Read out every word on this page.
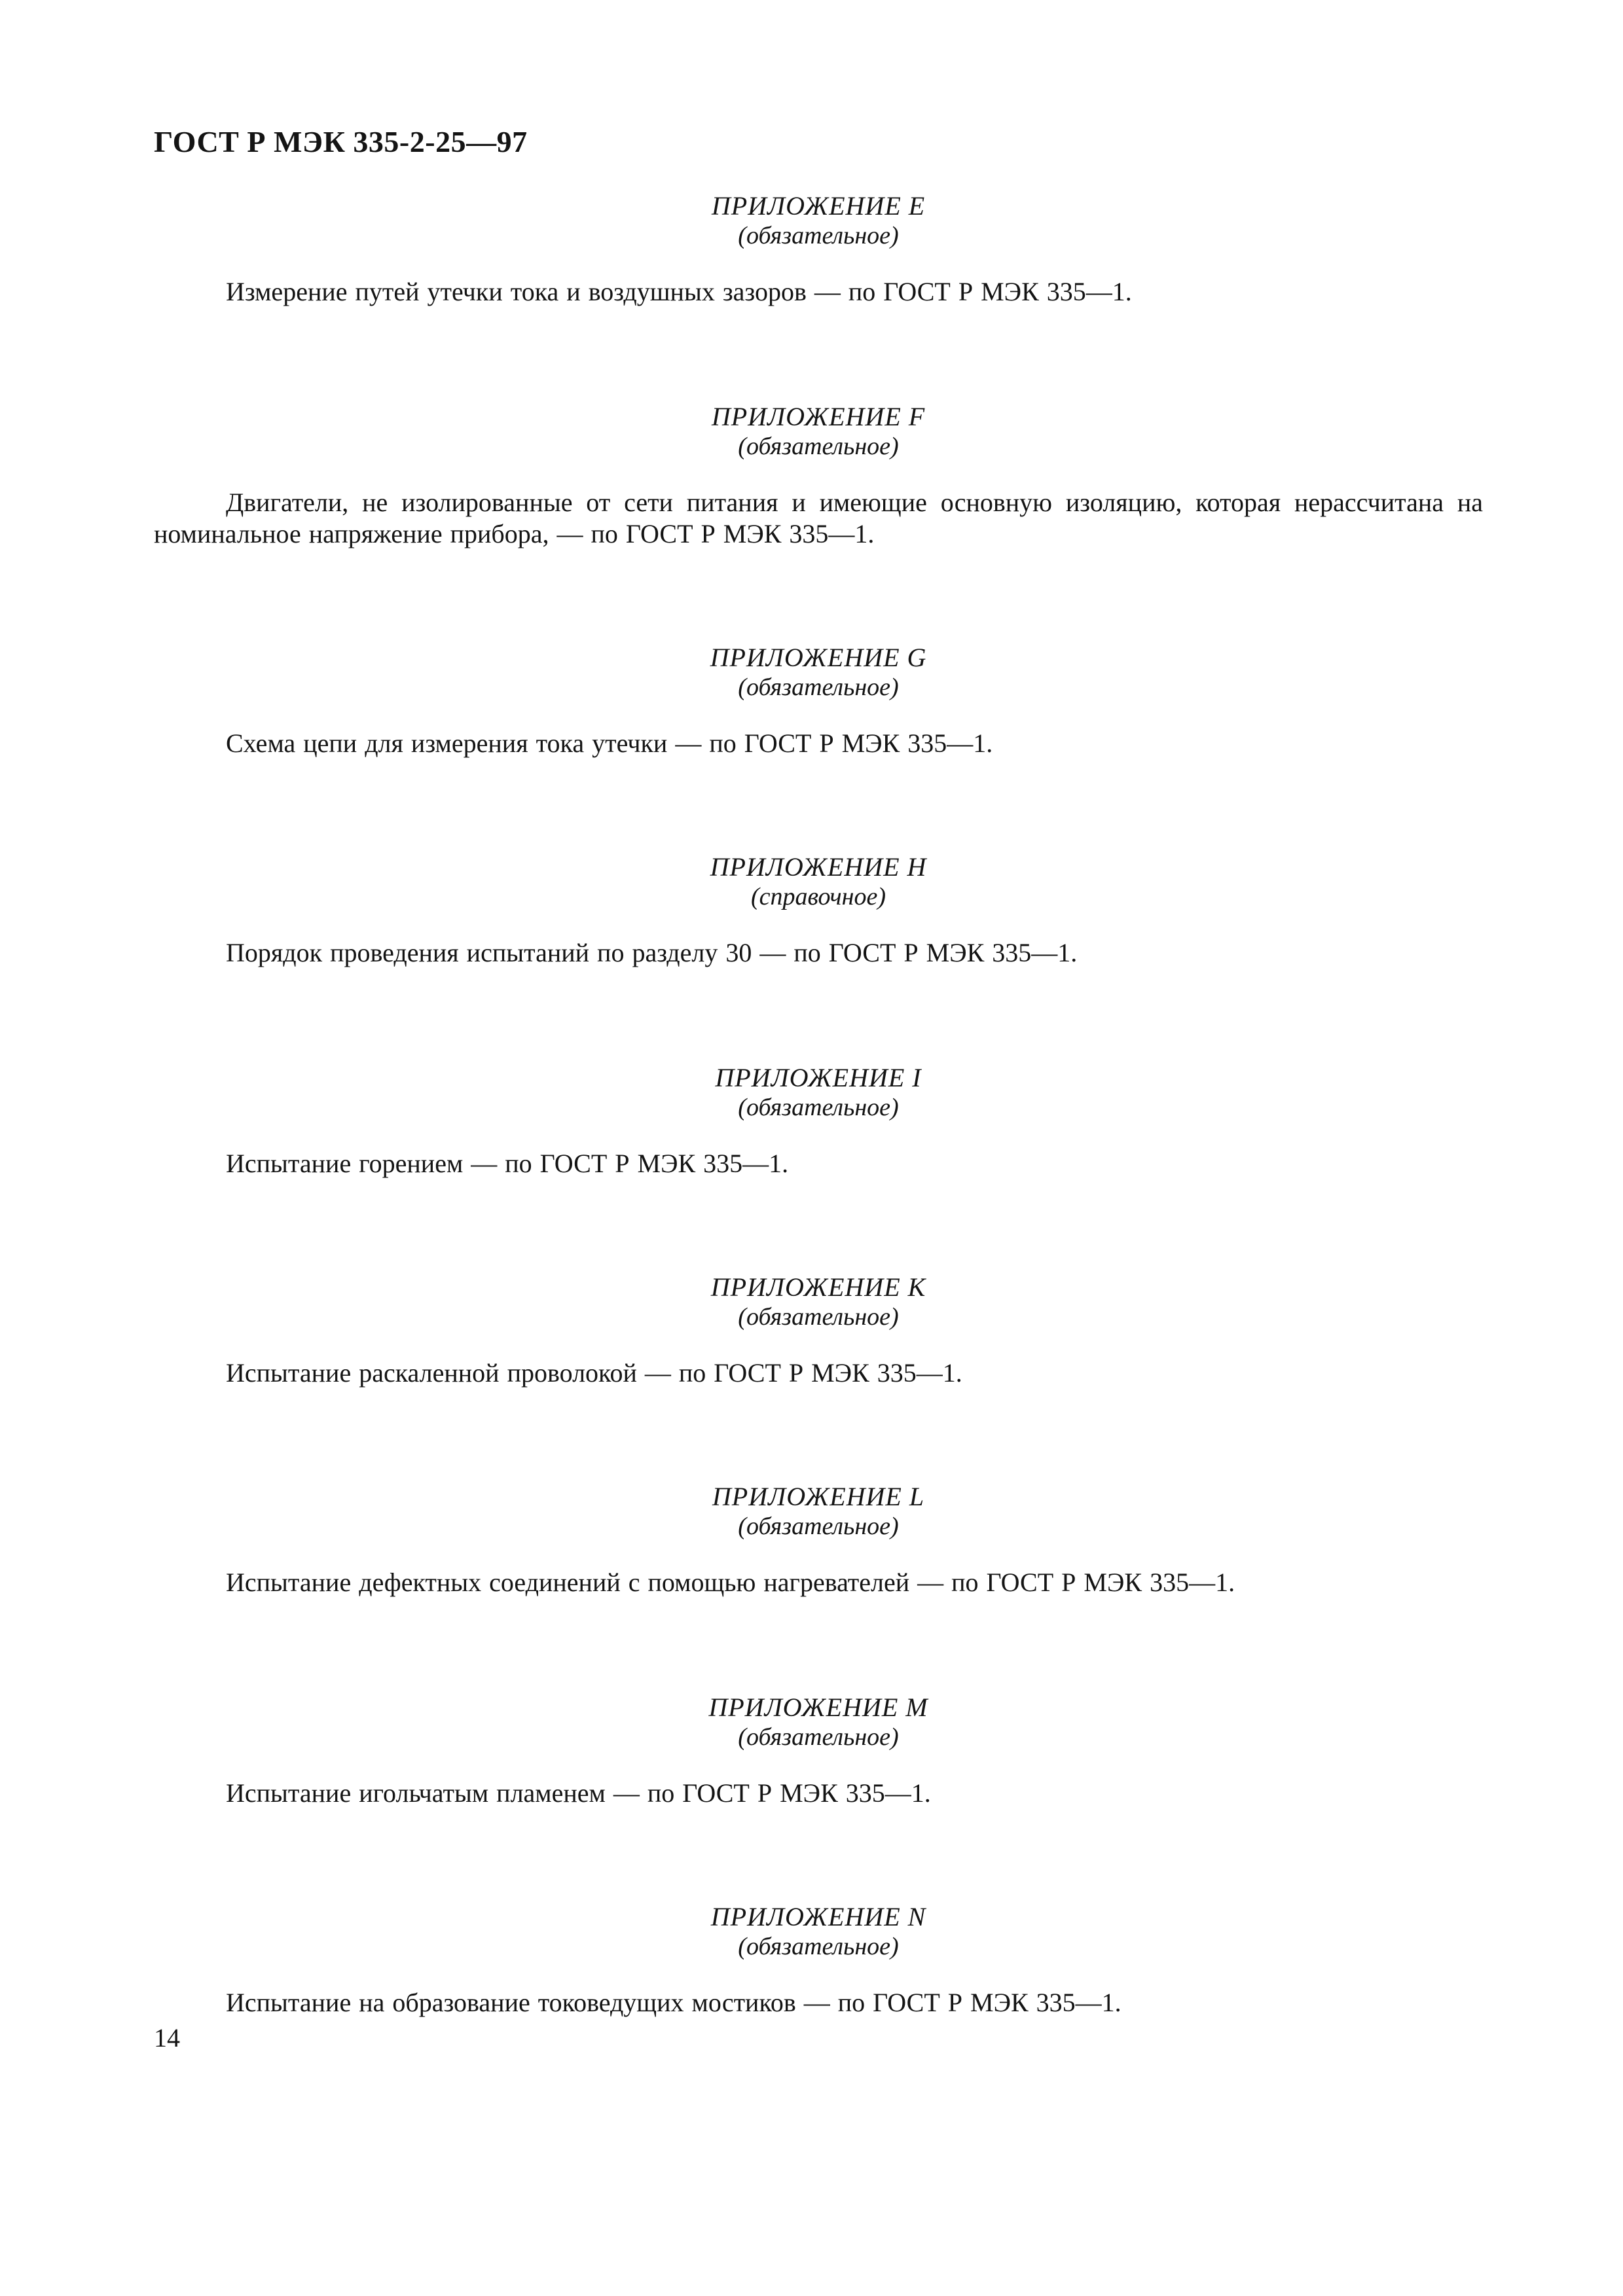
ГОСТ Р МЭК 335-2-25—97
ПРИЛОЖЕНИЕ E
(обязательное)
Измерение путей утечки тока и воздушных зазоров — по ГОСТ Р МЭК 335—1.
ПРИЛОЖЕНИЕ F
(обязательное)
Двигатели, не изолированные от сети питания и имеющие основную изоляцию, которая нерассчитана на номинальное напряжение прибора, — по ГОСТ Р МЭК 335—1.
ПРИЛОЖЕНИЕ G
(обязательное)
Схема цепи для измерения тока утечки — по ГОСТ Р МЭК 335—1.
ПРИЛОЖЕНИЕ H
(справочное)
Порядок проведения испытаний по разделу 30 — по ГОСТ Р МЭК 335—1.
ПРИЛОЖЕНИЕ I
(обязательное)
Испытание горением — по ГОСТ Р МЭК 335—1.
ПРИЛОЖЕНИЕ K
(обязательное)
Испытание раскаленной проволокой — по ГОСТ Р МЭК 335—1.
ПРИЛОЖЕНИЕ L
(обязательное)
Испытание дефектных соединений с помощью нагревателей — по ГОСТ Р МЭК 335—1.
ПРИЛОЖЕНИЕ M
(обязательное)
Испытание игольчатым пламенем — по ГОСТ Р МЭК 335—1.
ПРИЛОЖЕНИЕ N
(обязательное)
Испытание на образование токоведущих мостиков — по ГОСТ Р МЭК 335—1.
14
